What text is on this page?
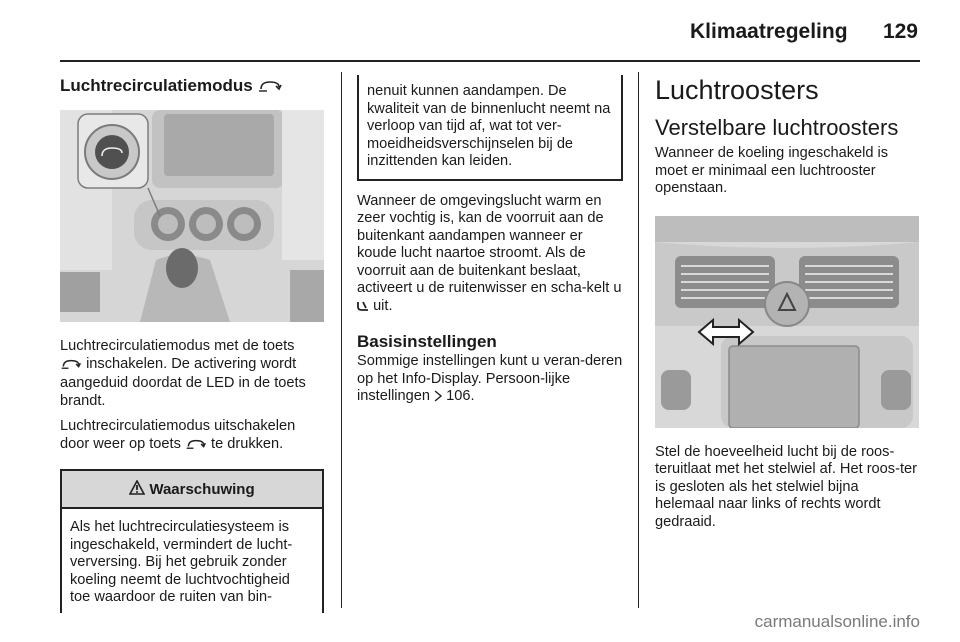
Klimaatregeling	129
Luchtrecirculatiemodus

Luchtrecirculatiemodus met de toets
inschakelen. De activering wordt aangeduid doordat de LED in de toets brandt.

Luchtrecirculatiemodus uitschakelen door weer op toets te drukken.

Waarschuwing
Als het luchtrecirculatiesysteem is ingeschakeld, vermindert de lucht-verversing. Bij het gebruik zonder koeling neemt de luchtvochtigheid toe waardoor de ruiten van bin-
nenuit kunnen aandampen. De kwaliteit van de binnenlucht neemt na verloop van tijd af, wat tot ver-moeidheidsverschijnselen bij de inzittenden kan leiden.

Wanneer de omgevingslucht warm en zeer vochtig is, kan de voorruit aan de buitenkant aandampen wanneer er koude lucht naartoe stroomt. Als de voorruit aan de buitenkant beslaat, activeert u de ruitenwisser en scha-kelt u  uit.

Basisinstellingen

Sommige instellingen kunt u veran-deren op het Info-Display. Persoon-lijke instellingen 106.

Luchtroosters
Verstelbare luchtroosters

Wanneer de koeling ingeschakeld is moet er minimaal een luchtrooster openstaan.

Stel de hoeveelheid lucht bij de roos-teruitlaat met het stelwiel af. Het roos-ter is gesloten als het stelwiel bijna helemaal naar links of rechts wordt gedraaid.

carmanualsonline.info
